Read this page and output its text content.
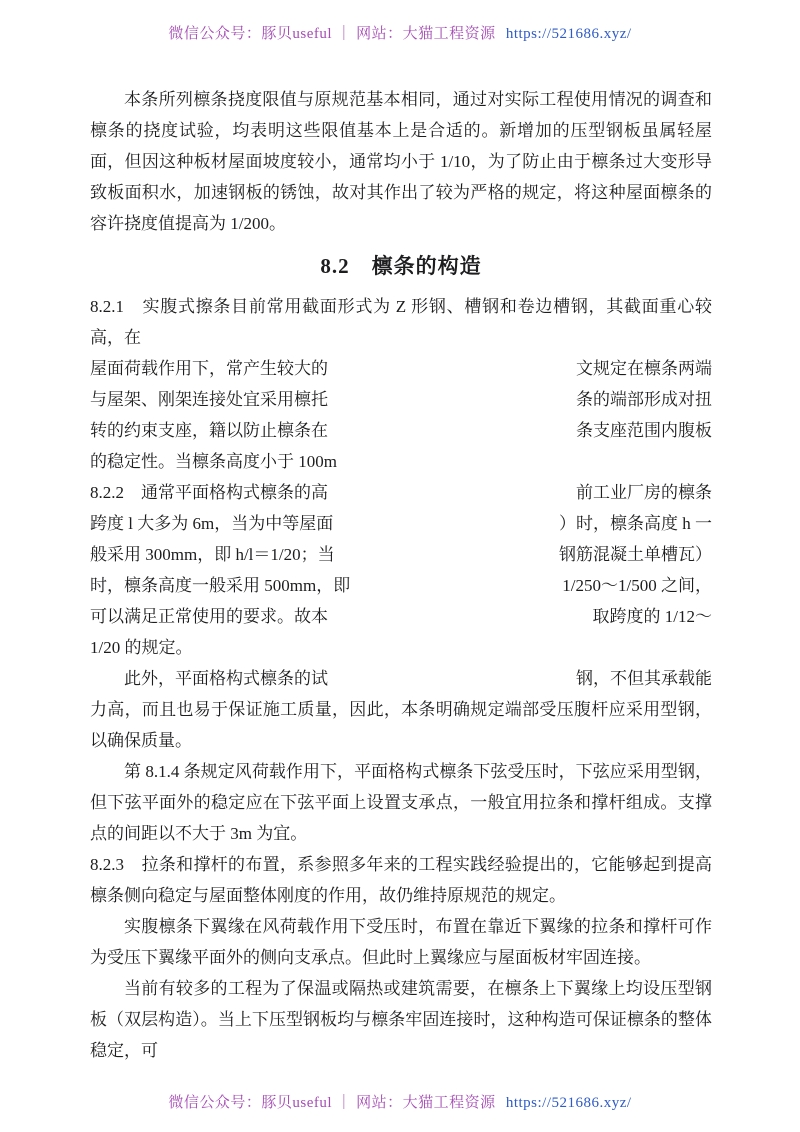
微信公众号：豚贝useful ｜ 网站：大猫工程资源 https://521686.xyz/

本条所列檩条挠度限值与原规范基本相同，通过对实际工程使用情况的调查和檩条的挠度试验，均表明这些限值基本上是合适的。新增加的压型钢板虽属轻屋面，但因这种板材屋面坡度较小，通常均小于 1/10，为了防止由于檩条过大变形导致板面积水，加速钢板的锈蚀，故对其作出了较为严格的规定，将这种屋面檩条的容许挠度值提高为 1/200。

8.2　檩条的构造

8.2.1　实腹式擦条目前常用截面形式为 Z 形钢、槽钢和卷边槽钢，其截面重心较高，在

屋面荷载作用下，常产生较大的	文规定在檩条两端
与屋架、刚架连接处宜采用檩托	条的端部形成对扭
转的约束支座，籍以防止檩条在	条支座范围内腹板
的稳定性。当檩条高度小于 100m
8.2.2　通常平面格构式檩条的高	前工业厂房的檩条
跨度 l 大多为 6m，当为中等屋面	）时，檩条高度 h 一
般采用 300mm，即 h/l＝1/20；当	钢筋混凝土单槽瓦）
时，檩条高度一般采用 500mm，即	1/250～1/500 之间，
可以满足正常使用的要求。故本	取跨度的 1/12～
1/20 的规定。
此外，平面格构式檩条的试	钢，不但其承载能

力高，而且也易于保证施工质量，因此，本条明确规定端部受压腹杆应采用型钢，以确保质量。

第 8.1.4 条规定风荷载作用下，平面格构式檩条下弦受压时，下弦应采用型钢，但下弦平面外的稳定应在下弦平面上设置支承点，一般宜用拉条和撑杆组成。支撑点的间距以不大于 3m 为宜。

8.2.3　拉条和撑杆的布置，系参照多年来的工程实践经验提出的，它能够起到提高檩条侧向稳定与屋面整体刚度的作用，故仍维持原规范的规定。

实腹檩条下翼缘在风荷载作用下受压时，布置在靠近下翼缘的拉条和撑杆可作为受压下翼缘平面外的侧向支承点。但此时上翼缘应与屋面板材牢固连接。

当前有较多的工程为了保温或隔热或建筑需要，在檩条上下翼缘上均设压型钢板（双层构造）。当上下压型钢板均与檩条牢固连接时，这种构造可保证檩条的整体稳定，可

微信公众号：豚贝useful ｜ 网站：大猫工程资源 https://521686.xyz/
